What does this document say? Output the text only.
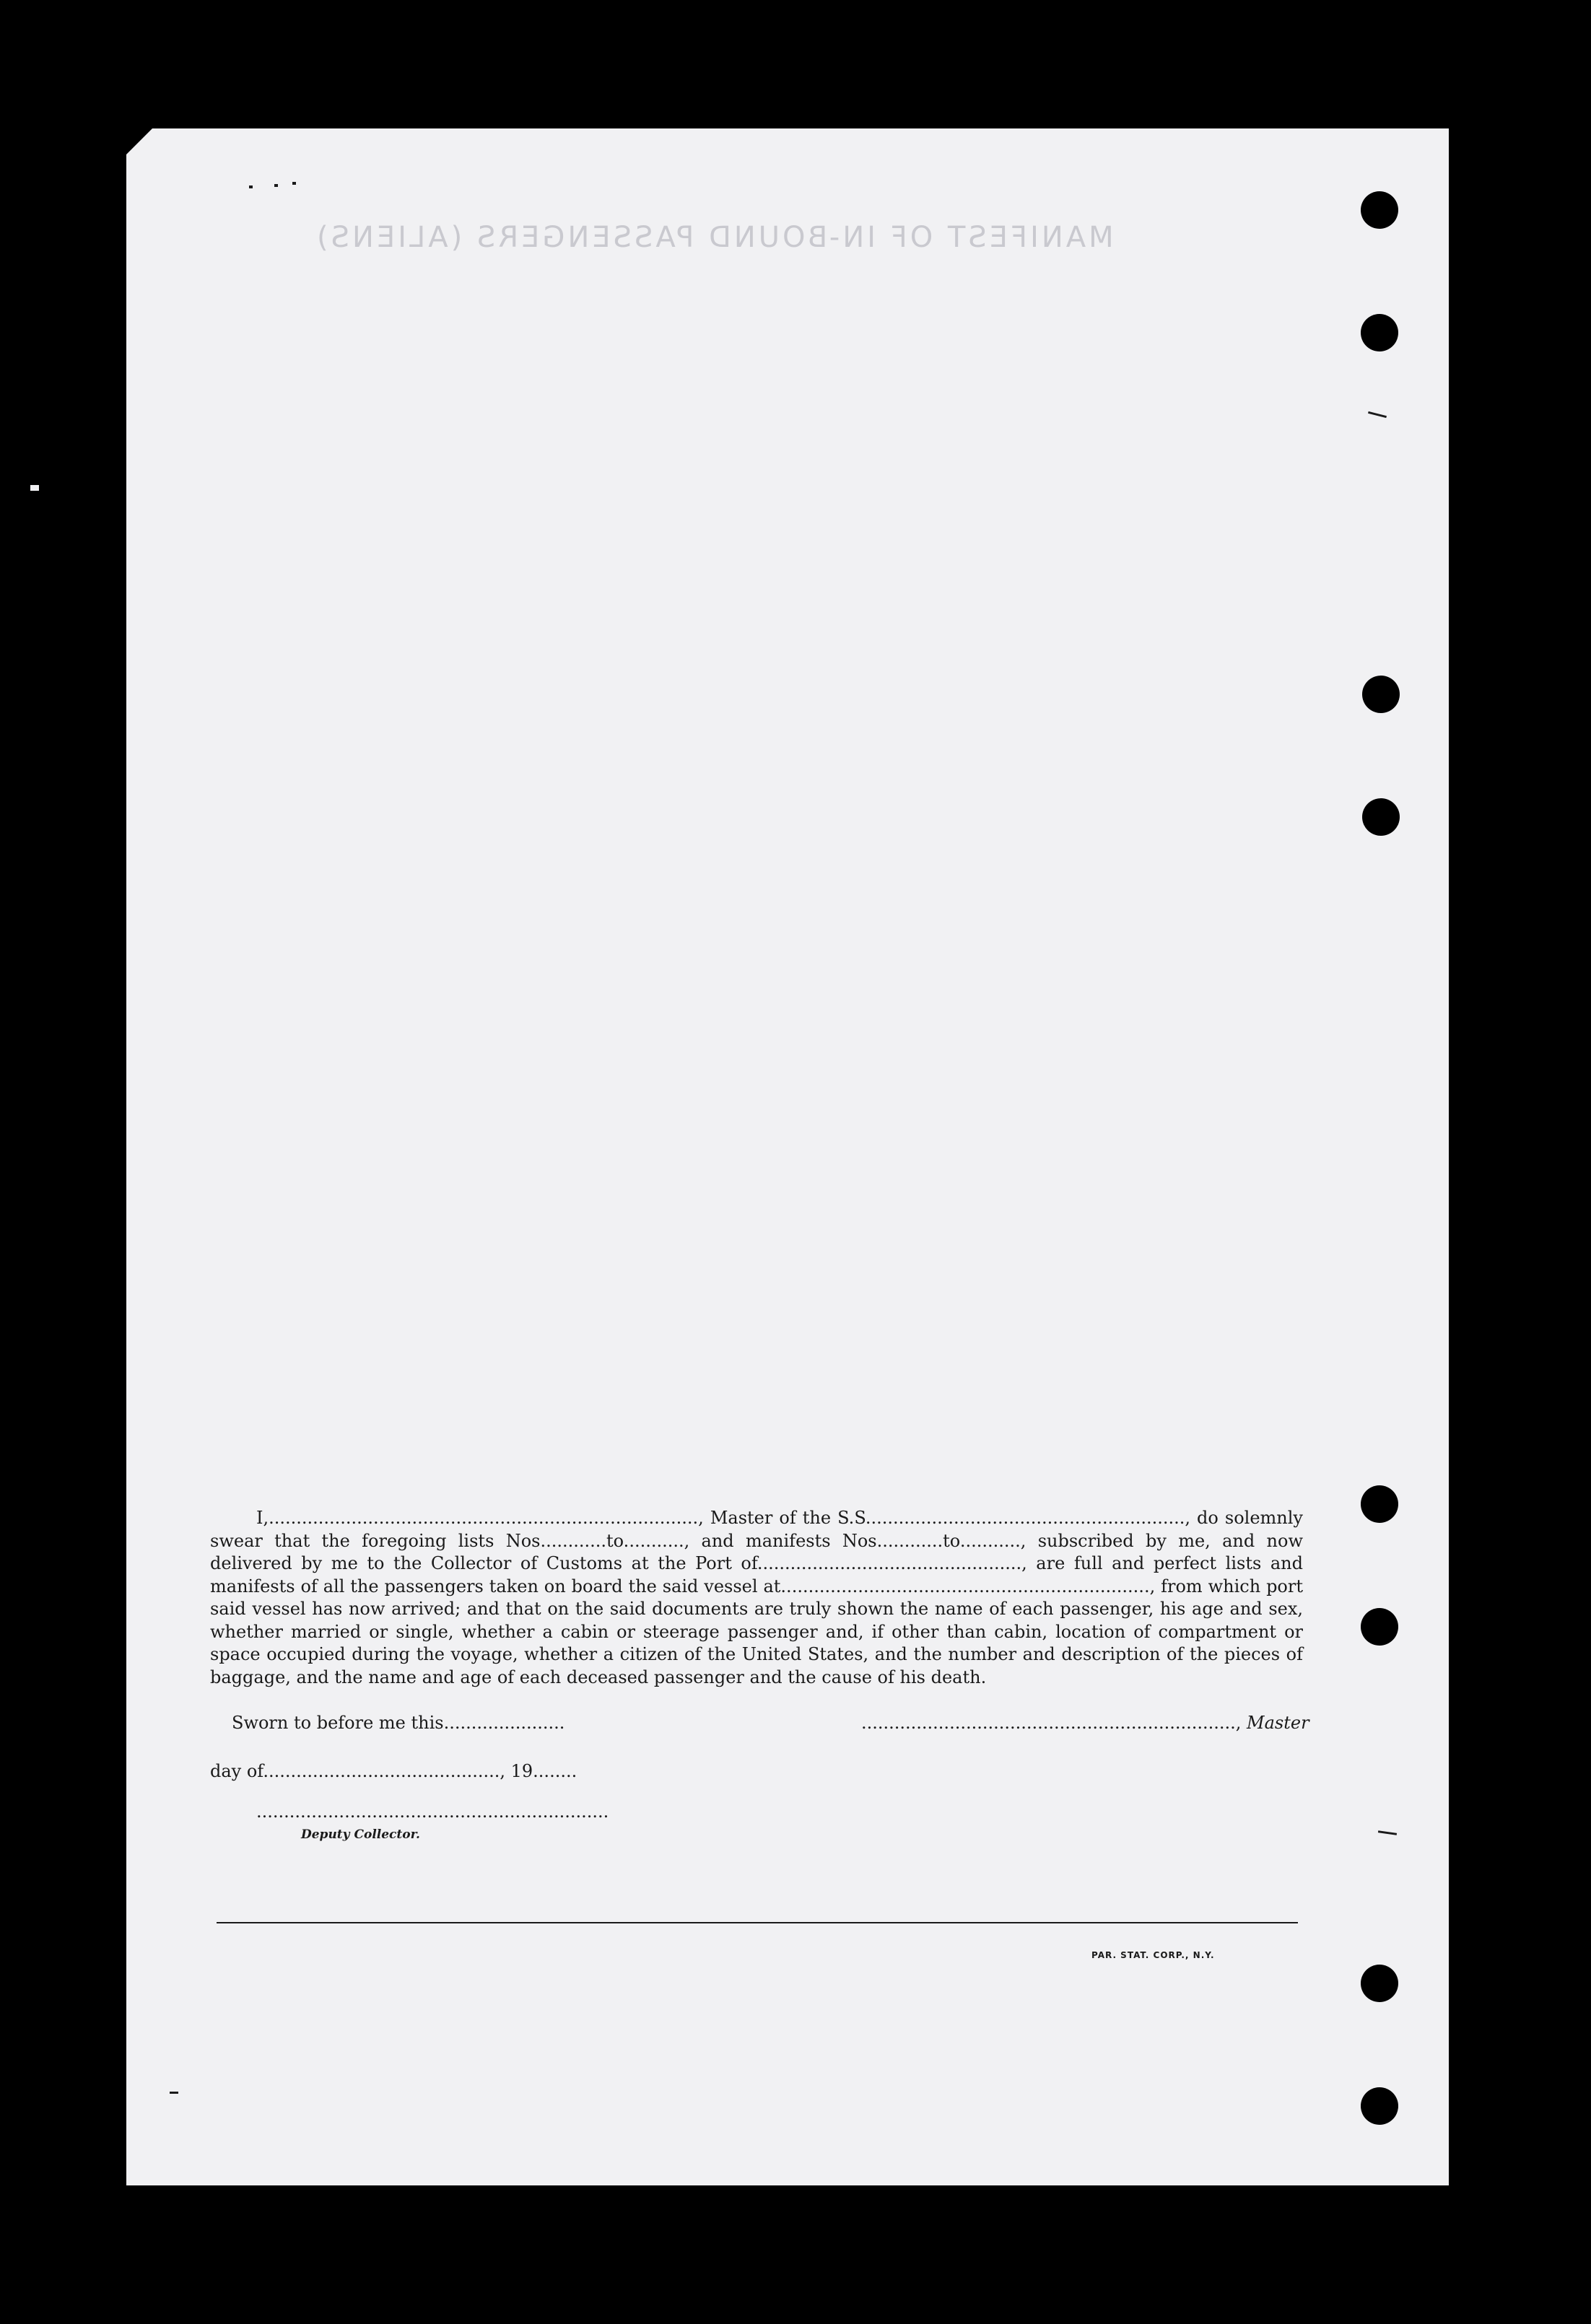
MANIFEST OF IN-BOUND PASSENGERS (ALIENS)

I,.............................................................................., Master of the S.S.........................................................., do solemnly swear that the foregoing lists Nos............to..........., and manifests Nos............to..........., subscribed by me, and now delivered by me to the Collector of Customs at the Port of................................................, are full and perfect lists and manifests of all the passengers taken on board the said vessel at..................................................................., from which port said vessel has now arrived; and that on the said documents are truly shown the name of each passenger, his age and sex, whether married or single, whether a cabin or steerage passenger and, if other than cabin, location of compartment or space occupied during the voyage, whether a citizen of the United States, and the number and description of the pieces of baggage, and the name and age of each deceased passenger and the cause of his death.

Sworn to before me this......................	...................................................................., Master
day of..........................................., 19........
................................................................
Deputy Collector.
PAR. STAT. CORP., N.Y.
